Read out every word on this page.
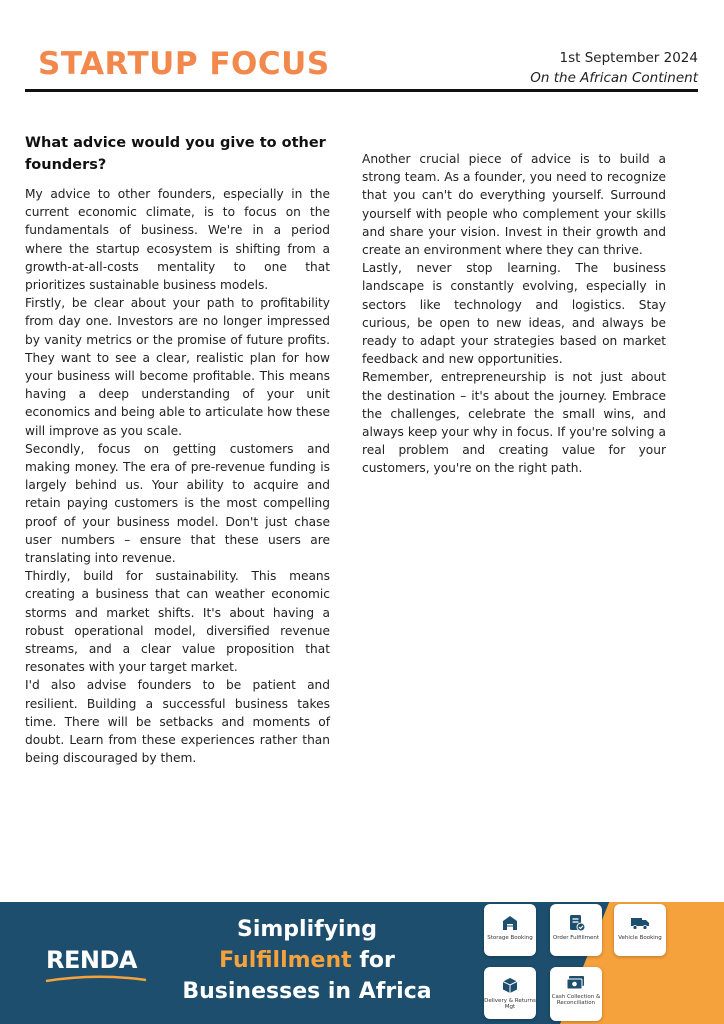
STARTUP FOCUS	1st September 2024
On the African Continent
What advice would you give to other founders?

My advice to other founders, especially in the current economic climate, is to focus on the fundamentals of business. We're in a period where the startup ecosystem is shifting from a growth-at-all-costs mentality to one that prioritizes sustainable business models.

Firstly, be clear about your path to profitability from day one. Investors are no longer impressed by vanity metrics or the promise of future profits. They want to see a clear, realistic plan for how your business will become profitable. This means having a deep understanding of your unit economics and being able to articulate how these will improve as you scale.

Secondly, focus on getting customers and making money. The era of pre-revenue funding is largely behind us. Your ability to acquire and retain paying customers is the most compelling proof of your business model. Don't just chase user numbers – ensure that these users are translating into revenue.

Thirdly, build for sustainability. This means creating a business that can weather economic storms and market shifts. It's about having a robust operational model, diversified revenue streams, and a clear value proposition that resonates with your target market.

I'd also advise founders to be patient and resilient. Building a successful business takes time. There will be setbacks and moments of doubt. Learn from these experiences rather than being discouraged by them.

Another crucial piece of advice is to build a strong team. As a founder, you need to recognize that you can't do everything yourself. Surround yourself with people who complement your skills and share your vision. Invest in their growth and create an environment where they can thrive.

Lastly, never stop learning. The business landscape is constantly evolving, especially in sectors like technology and logistics. Stay curious, be open to new ideas, and always be ready to adapt your strategies based on market feedback and new opportunities.

Remember, entrepreneurship is not just about the destination – it's about the journey. Embrace the challenges, celebrate the small wins, and always keep your why in focus. If you're solving a real problem and creating value for your customers, you're on the right path.

RENDA
Simplifying
Fulfillment for
Businesses in Africa
Storage Booking	Order Fulfillment	Vehicle Booking
Delivery & Returns Mgt
Cash Collection & Reconciliation
